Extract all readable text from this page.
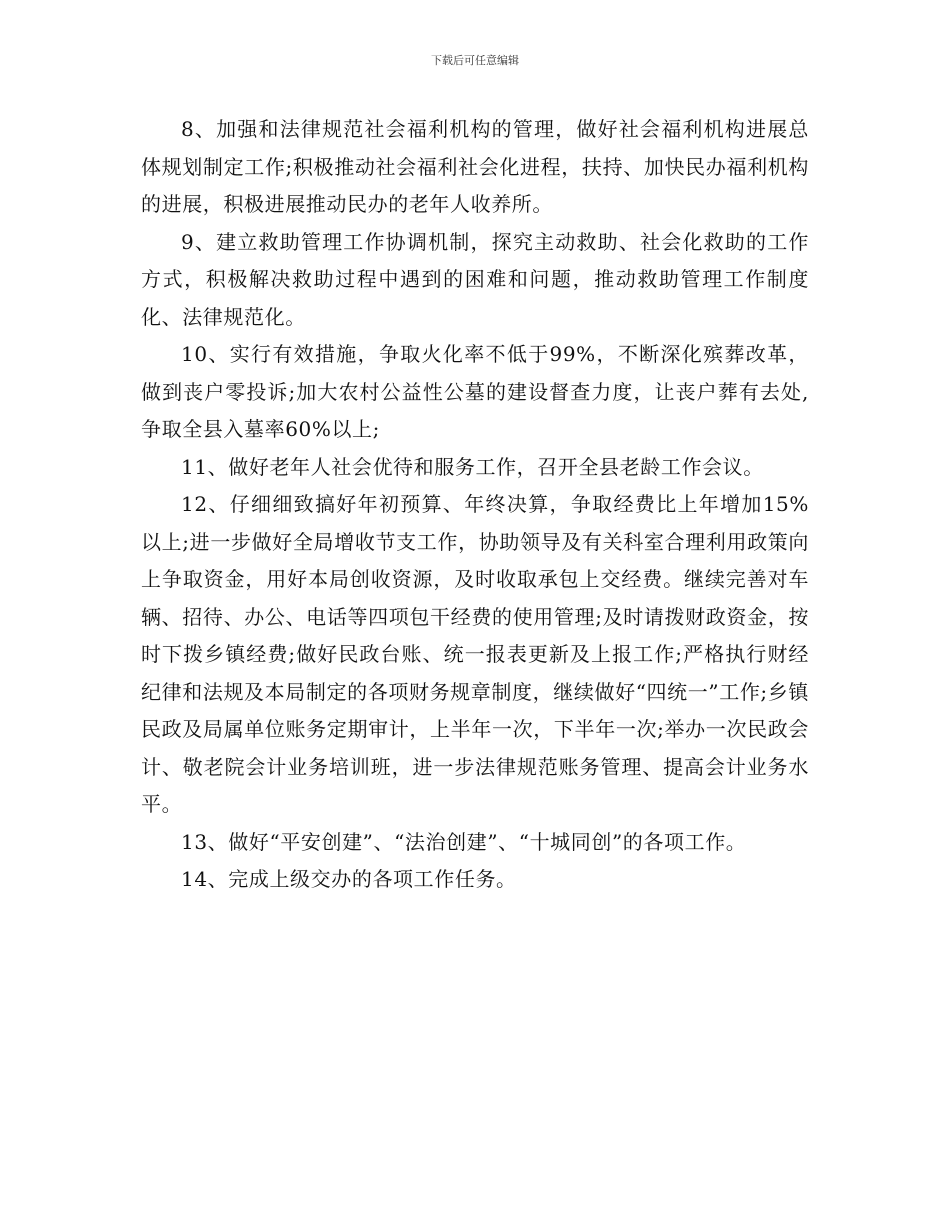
下载后可任意编辑

8、加强和法律规范社会福利机构的管理，做好社会福利机构进展总体规划制定工作;积极推动社会福利社会化进程，扶持、加快民办福利机构的进展，积极进展推动民办的老年人收养所。

9、建立救助管理工作协调机制，探究主动救助、社会化救助的工作方式，积极解决救助过程中遇到的困难和问题，推动救助管理工作制度化、法律规范化。

10、实行有效措施，争取火化率不低于99%，不断深化殡葬改革，做到丧户零投诉;加大农村公益性公墓的建设督查力度，让丧户葬有去处,争取全县入墓率60%以上;

11、做好老年人社会优待和服务工作，召开全县老龄工作会议。

12、仔细细致搞好年初预算、年终决算，争取经费比上年增加15%以上;进一步做好全局增收节支工作，协助领导及有关科室合理利用政策向上争取资金，用好本局创收资源，及时收取承包上交经费。继续完善对车辆、招待、办公、电话等四项包干经费的使用管理;及时请拨财政资金，按时下拨乡镇经费;做好民政台账、统一报表更新及上报工作;严格执行财经纪律和法规及本局制定的各项财务规章制度，继续做好“四统一”工作;乡镇民政及局属单位账务定期审计，上半年一次，下半年一次;举办一次民政会计、敬老院会计业务培训班，进一步法律规范账务管理、提高会计业务水平。

13、做好“平安创建”、“法治创建”、“十城同创”的各项工作。

14、完成上级交办的各项工作任务。
